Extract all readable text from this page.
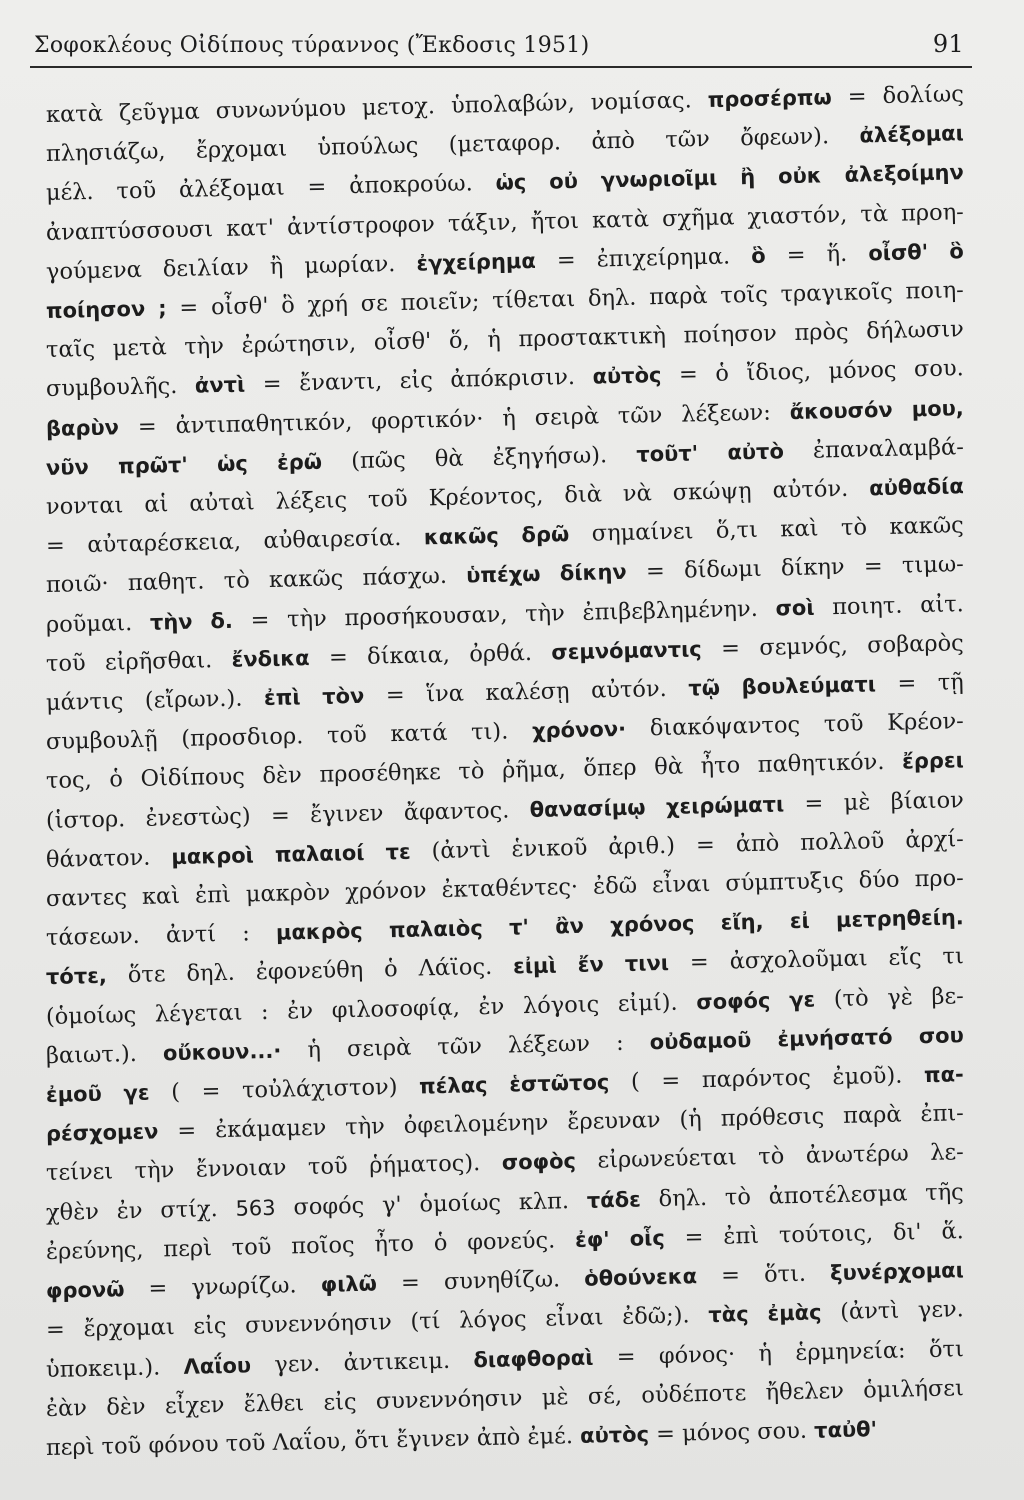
Σοφοκλέους Οἰδίπους τύραννος (Ἔκδοσις 1951)	91
κατὰ ζεῦγμα συνωνύμου μετοχ. ὑπολαβών, νομίσας. προσέρπω = δολίως
πλησιάζω, ἔρχομαι ὑπούλως (μεταφορ. ἀπὸ τῶν ὄφεων). ἀλέξομαι
μέλ. τοῦ ἀλέξομαι = ἀποκρούω. ὡς οὐ γνωριοῖμι ἢ οὐκ ἀλεξοίμην
ἀναπτύσσουσι κατ' ἀντίστροφον τάξιν, ἤτοι κατὰ σχῆμα χιαστόν, τὰ προη-
γούμενα δειλίαν ἢ μωρίαν. ἐγχείρημα = ἐπιχείρημα. ὃ = ἥ. οἶσθ' ὃ
ποίησον ; = οἶσθ' ὃ χρή σε ποιεῖν; τίθεται δηλ. παρὰ τοῖς τραγικοῖς ποιη-
ταῖς μετὰ τὴν ἐρώτησιν, οἶσθ' ὅ, ἡ προστακτικὴ ποίησον πρὸς δήλωσιν
συμβουλῆς. ἀντὶ = ἔναντι, εἰς ἀπόκρισιν. αὐτὸς = ὁ ἴδιος, μόνος σου.
βαρὺν = ἀντιπαθητικόν, φορτικόν· ἡ σειρὰ τῶν λέξεων: ἄκουσόν μου,
νῦν πρῶτ' ὡς ἐρῶ (πῶς θὰ ἐξηγήσω). τοῦτ' αὐτὸ ἐπαναλαμβά-
νονται αἱ αὐταὶ λέξεις τοῦ Κρέοντος, διὰ νὰ σκώψῃ αὐτόν. αὐθαδία
= αὐταρέσκεια, αὐθαιρεσία. κακῶς δρῶ σημαίνει ὅ,τι καὶ τὸ κακῶς
ποιῶ· παθητ. τὸ κακῶς πάσχω. ὑπέχω δίκην = δίδωμι δίκην = τιμω-
ροῦμαι. τὴν δ. = τὴν προσήκουσαν, τὴν ἐπιβεβλημένην. σοὶ ποιητ. αἰτ.
τοῦ εἰρῆσθαι. ἔνδικα = δίκαια, ὀρθά. σεμνόμαντις = σεμνός, σοβαρὸς
μάντις (εἴρων.). ἐπὶ τὸν = ἵνα καλέσῃ αὐτόν. τῷ βουλεύματι = τῇ
συμβουλῇ (προσδιορ. τοῦ κατά τι). χρόνον· διακόψαντος τοῦ Κρέον-
τος, ὁ Οἰδίπους δὲν προσέθηκε τὸ ῥῆμα, ὅπερ θὰ ἦτο παθητικόν. ἔρρει
(ἱστορ. ἐνεστὼς) = ἔγινεν ἄφαντος. θανασίμῳ χειρώματι = μὲ βίαιον
θάνατον. μακροὶ παλαιοί τε (ἀντὶ ἑνικοῦ ἀριθ.) = ἀπὸ πολλοῦ ἀρχί-
σαντες καὶ ἐπὶ μακρὸν χρόνον ἐκταθέντες· ἐδῶ εἶναι σύμπτυξις δύο προ-
τάσεων. ἀντί : μακρὸς παλαιὸς τ' ἂν χρόνος εἴη, εἰ μετρηθείη.
τότε, ὅτε δηλ. ἐφονεύθη ὁ Λάϊος. εἰμὶ ἔν τινι = ἀσχολοῦμαι εἴς τι
(ὁμοίως λέγεται : ἐν φιλοσοφίᾳ, ἐν λόγοις εἰμί). σοφός γε (τὸ γὲ βε-
βαιωτ.). οὔκουν...· ἡ σειρὰ τῶν λέξεων : οὐδαμοῦ ἐμνήσατό σου
ἐμοῦ γε ( = τοὐλάχιστον) πέλας ἑστῶτος ( = παρόντος ἐμοῦ). πα-
ρέσχομεν = ἐκάμαμεν τὴν ὀφειλομένην ἔρευναν (ἡ πρόθεσις παρὰ ἐπι-
τείνει τὴν ἔννοιαν τοῦ ῥήματος). σοφὸς εἰρωνεύεται τὸ ἀνωτέρω λε-
χθὲν ἐν στίχ. 563 σοφός γ' ὁμοίως κλπ. τάδε δηλ. τὸ ἀποτέλεσμα τῆς
ἐρεύνης, περὶ τοῦ ποῖος ἦτο ὁ φονεύς. ἐφ' οἷς = ἐπὶ τούτοις, δι' ἅ.
φρονῶ = γνωρίζω. φιλῶ = συνηθίζω. ὁθούνεκα = ὅτι. ξυνέρχομαι
= ἔρχομαι εἰς συνεννόησιν (τί λόγος εἶναι ἐδῶ;). τὰς ἐμὰς (ἀντὶ γεν.
ὑποκειμ.). Λαΐου γεν. ἀντικειμ. διαφθοραὶ = φόνος· ἡ ἑρμηνεία: ὅτι
ἐὰν δὲν εἶχεν ἔλθει εἰς συνεννόησιν μὲ σέ, οὐδέποτε ἤθελεν ὁμιλήσει
περὶ τοῦ φόνου τοῦ Λαΐου, ὅτι ἔγινεν ἀπὸ ἐμέ. αὐτὸς = μόνος σου. ταὐθ'
